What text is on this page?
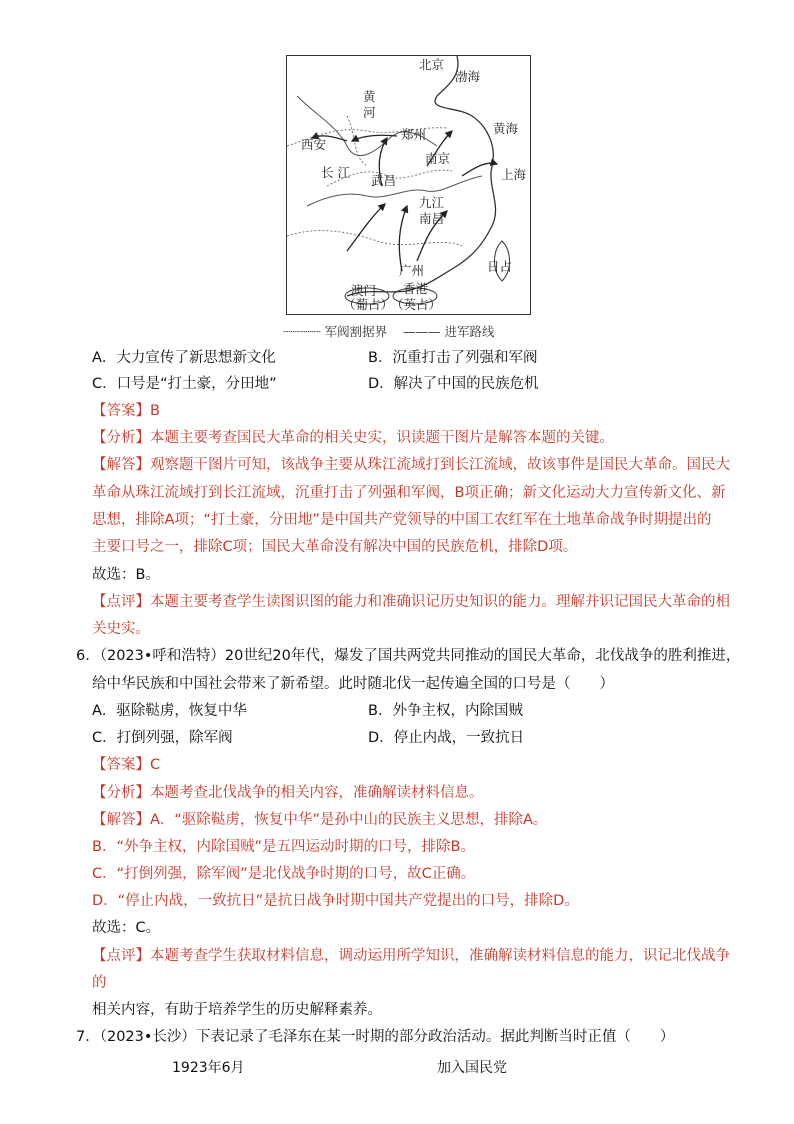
北京
渤海
黄
河
西安
郑州	黄海
南京
长 江
武昌	上海
九江
南昌
广州	日占
澳门
（葡占）
香港
（英占）
┈┈┈┈┈ 军阀割据界 ——— 进军路线
A．大力宣传了新思想新文化	B．沉重打击了列强和军阀
C．口号是“打土豪，分田地”	D．解决了中国的民族危机
【答案】B
【分析】本题主要考查国民大革命的相关史实，识读题干图片是解答本题的关键。
【解答】观察题干图片可知，该战争主要从珠江流域打到长江流域，故该事件是国民大革命。国民大
革命从珠江流域打到长江流域，沉重打击了列强和军阀，B项正确；新文化运动大力宣传新文化、新
思想，排除A项；“打土豪，分田地”是中国共产党领导的中国工农红军在土地革命战争时期提出的
主要口号之一，排除C项；国民大革命没有解决中国的民族危机，排除D项。
故选：B。
【点评】本题主要考查学生读图识图的能力和准确识记历史知识的能力。理解并识记国民大革命的相
关史实。
6．（2023•呼和浩特）20世纪20年代，爆发了国共两党共同推动的国民大革命，北伐战争的胜利推进，
给中华民族和中国社会带来了新希望。此时随北伐一起传遍全国的口号是（　　）
A．驱除鞑虏，恢复中华	B．外争主权，内除国贼
C．打倒列强，除军阀	D．停止内战，一致抗日
【答案】C
【分析】本题考查北伐战争的相关内容，准确解读材料信息。
【解答】A．“驱除鞑虏，恢复中华”是孙中山的民族主义思想，排除A。
B．“外争主权，内除国贼”是五四运动时期的口号，排除B。
C．“打倒列强，除军阀”是北伐战争时期的口号，故C正确。
D．“停止内战，一致抗日”是抗日战争时期中国共产党提出的口号，排除D。
故选：C。
【点评】本题考查学生获取材料信息，调动运用所学知识，准确解读材料信息的能力，识记北伐战争
的
相关内容，有助于培养学生的历史解释素养。
7．（2023•长沙）下表记录了毛泽东在某一时期的部分政治活动。据此判断当时正值（　　）
1923年6月	加入国民党
